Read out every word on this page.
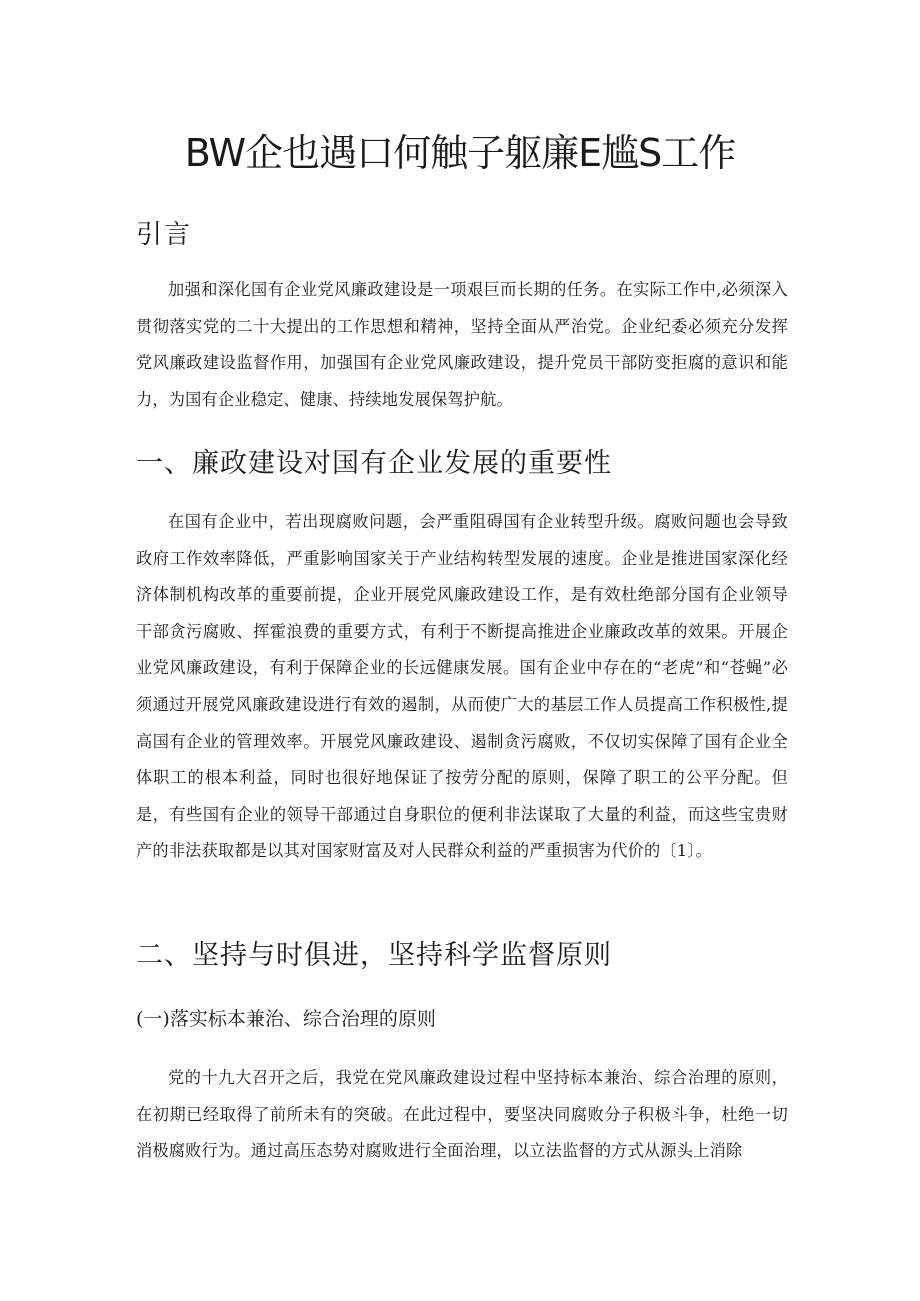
BW企也遇口何触子躯廉E尴S工作
引言

加强和深化国有企业党风廉政建设是一项艰巨而长期的任务。在实际工作中,必须深入贯彻落实党的二十大提出的工作思想和精神，坚持全面从严治党。企业纪委必须充分发挥党风廉政建设监督作用，加强国有企业党风廉政建设，提升党员干部防变拒腐的意识和能力，为国有企业稳定、健康、持续地发展保驾护航。

一、廉政建设对国有企业发展的重要性

在国有企业中，若出现腐败问题，会严重阻碍国有企业转型升级。腐败问题也会导致政府工作效率降低，严重影响国家关于产业结构转型发展的速度。企业是推进国家深化经济体制机构改革的重要前提，企业开展党风廉政建设工作，是有效杜绝部分国有企业领导干部贪污腐败、挥霍浪费的重要方式，有利于不断提高推进企业廉政改革的效果。开展企业党风廉政建设，有利于保障企业的长远健康发展。国有企业中存在的“老虎”和“苍蝇”必须通过开展党风廉政建设进行有效的遏制，从而使广大的基层工作人员提高工作积极性,提高国有企业的管理效率。开展党风廉政建设、遏制贪污腐败，不仅切实保障了国有企业全体职工的根本利益，同时也很好地保证了按劳分配的原则，保障了职工的公平分配。但是，有些国有企业的领导干部通过自身职位的便利非法谋取了大量的利益，而这些宝贵财产的非法获取都是以其对国家财富及对人民群众利益的严重损害为代价的〔1〕。

二、坚持与时俱进，坚持科学监督原则
(一)落实标本兼治、综合治理的原则

党的十九大召开之后，我党在党风廉政建设过程中坚持标本兼治、综合治理的原则，在初期已经取得了前所未有的突破。在此过程中，要坚决同腐败分子积极斗争，杜绝一切消极腐败行为。通过高压态势对腐败进行全面治理，以立法监督的方式从源头上消除
